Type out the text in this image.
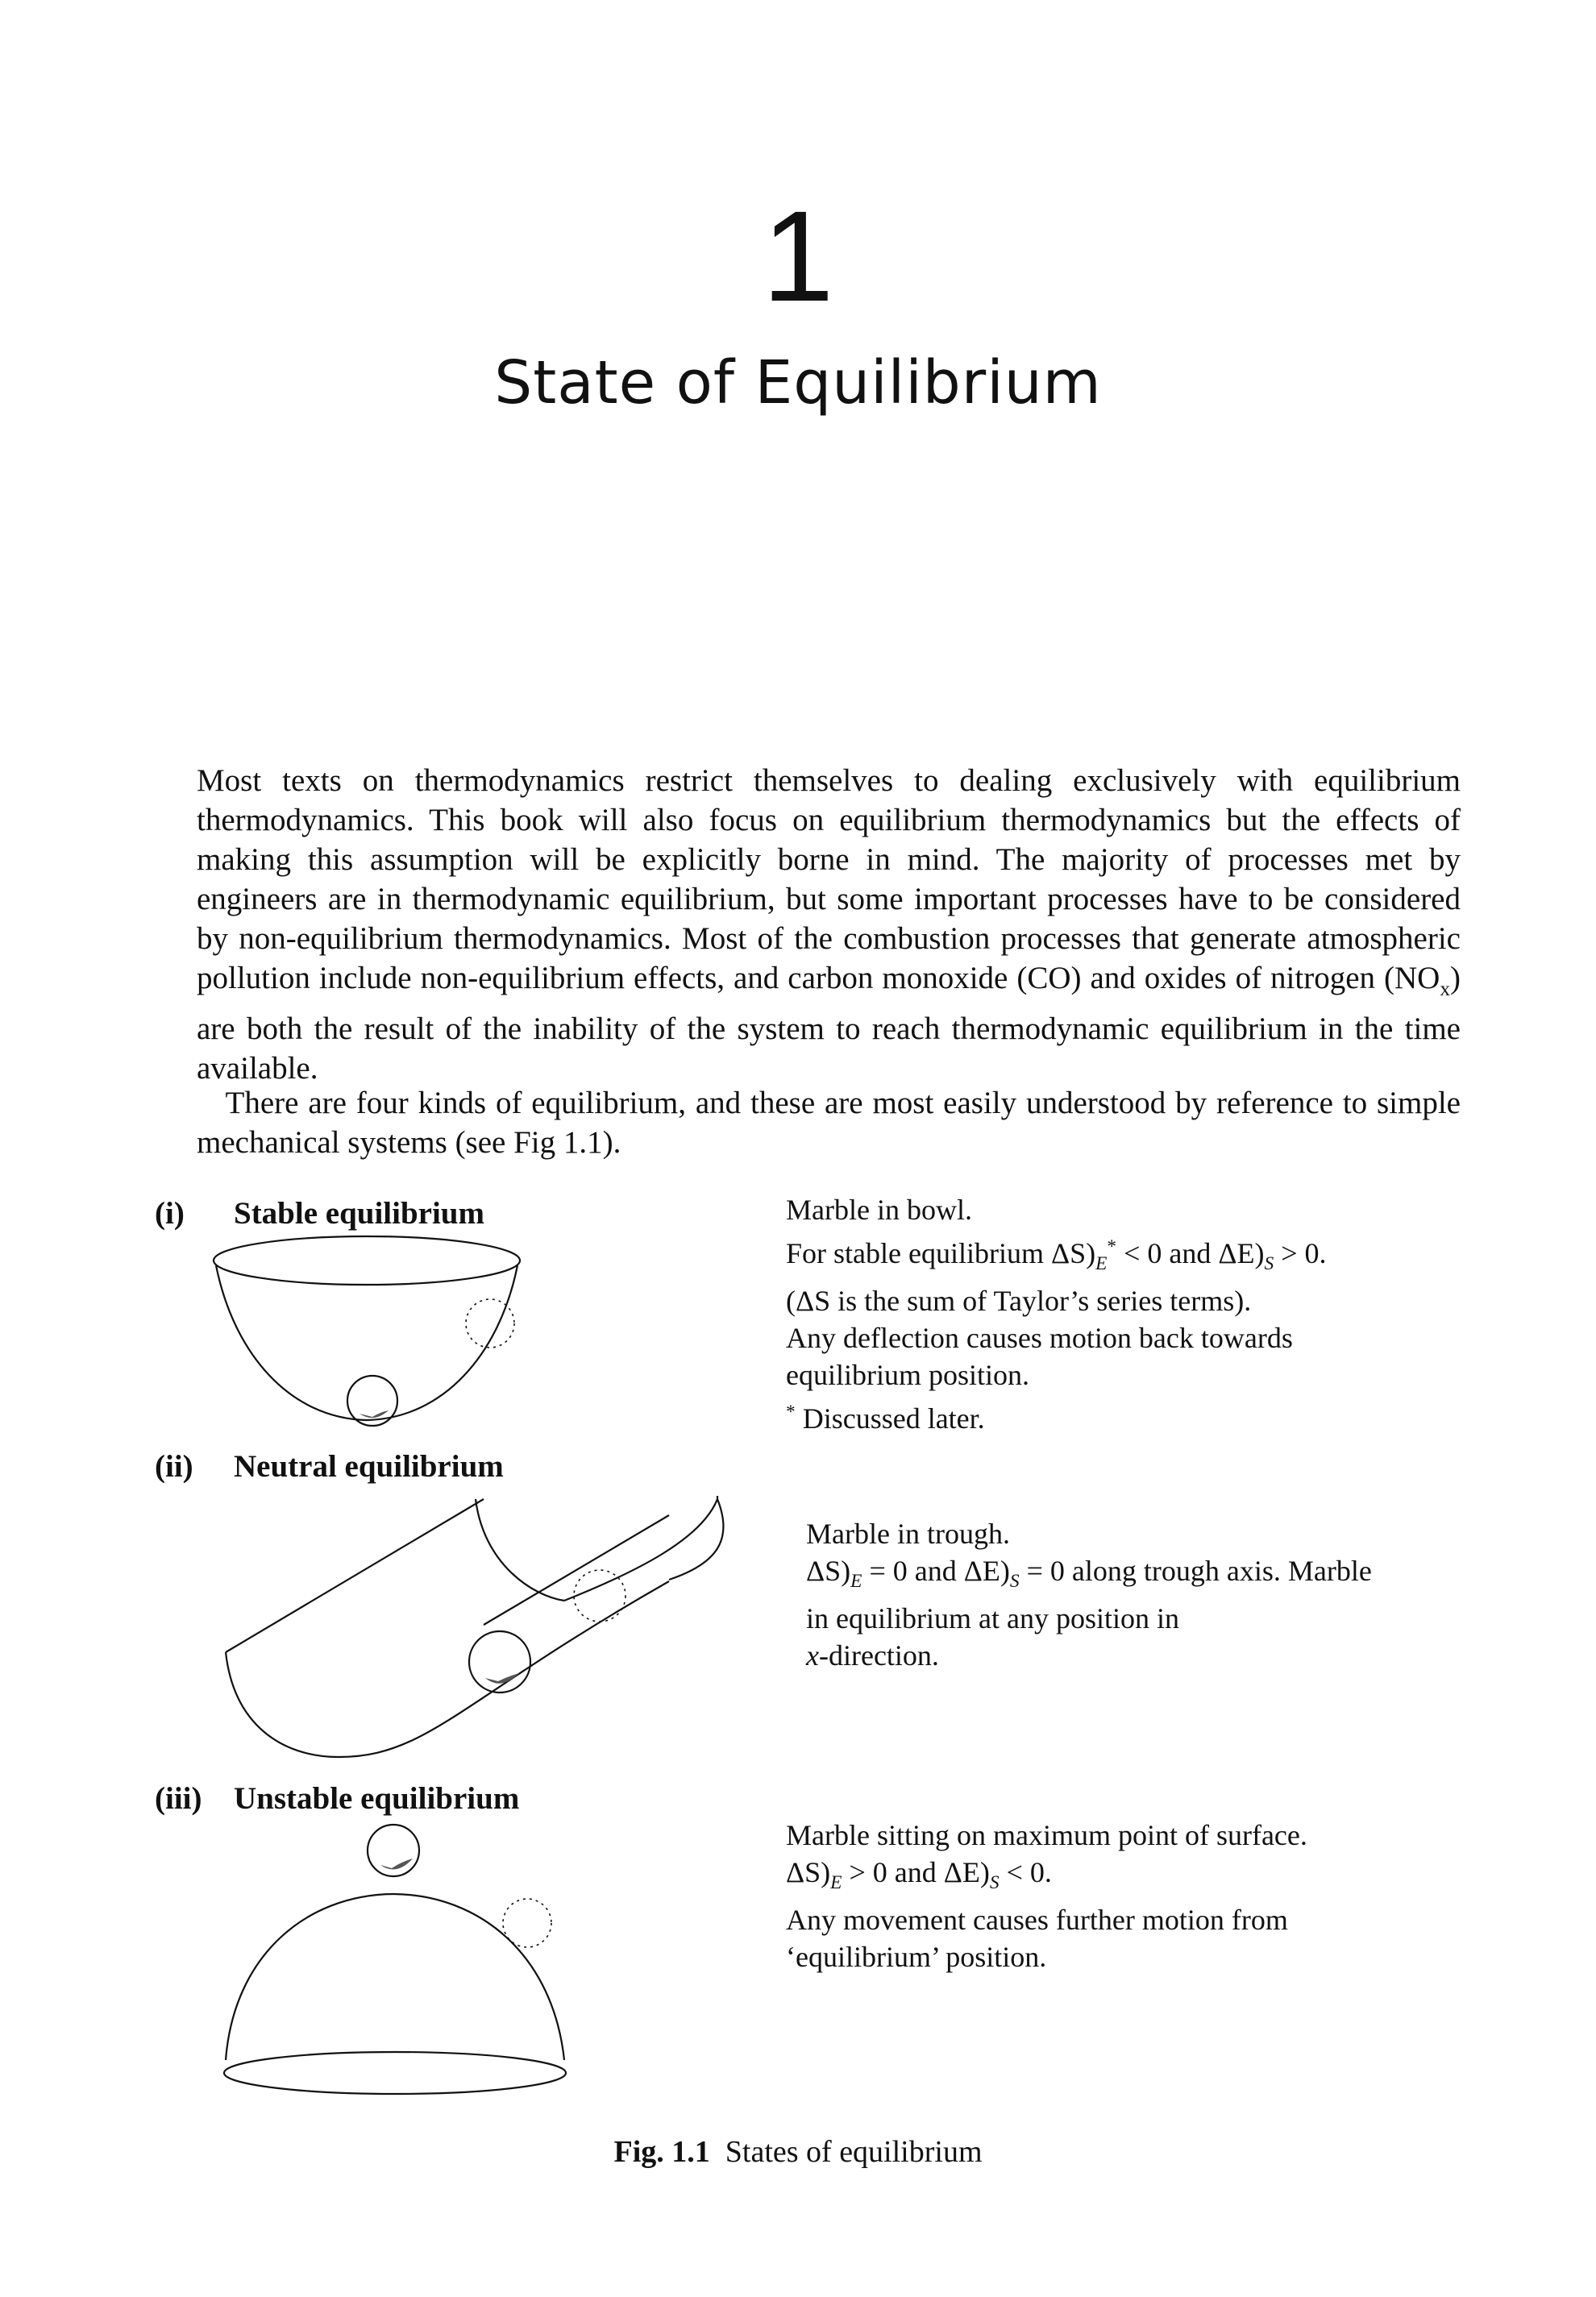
1
State of Equilibrium

Most texts on thermodynamics restrict themselves to dealing exclusively with equilibrium thermodynamics. This book will also focus on equilibrium thermodynamics but the effects of making this assumption will be explicitly borne in mind. The majority of processes met by engineers are in thermodynamic equilibrium, but some important processes have to be considered by non-equilibrium thermodynamics. Most of the combustion processes that generate atmospheric pollution include non-equilibrium effects, and carbon monoxide (CO) and oxides of nitrogen $(NO_x)$ are both the result of the inability of the system to reach thermodynamic equilibrium in the time available.

There are four kinds of equilibrium, and these are most easily understood by reference to simple mechanical systems (see Fig 1.1).

(i) Stable equilibrium	Marble in bowl.
For stable equilibrium $\Delta S)_E^* < 0$ and $\Delta E)_S > 0$.
(ΔS is the sum of Taylor’s series terms).
Any deflection causes motion back towards
equilibrium position.
* Discussed later.
(ii) Neutral equilibrium
Marble in trough.
$\Delta S)_E = 0$ and $\Delta E)_S = 0$ along trough axis. Marble
in equilibrium at any position in
x-direction.
(iii) Unstable equilibrium
Marble sitting on maximum point of surface.
$\Delta S)_E > 0$ and $\Delta E)_S < 0$.
Any movement causes further motion from
‘equilibrium’ position.
Fig. 1.1 States of equilibrium
